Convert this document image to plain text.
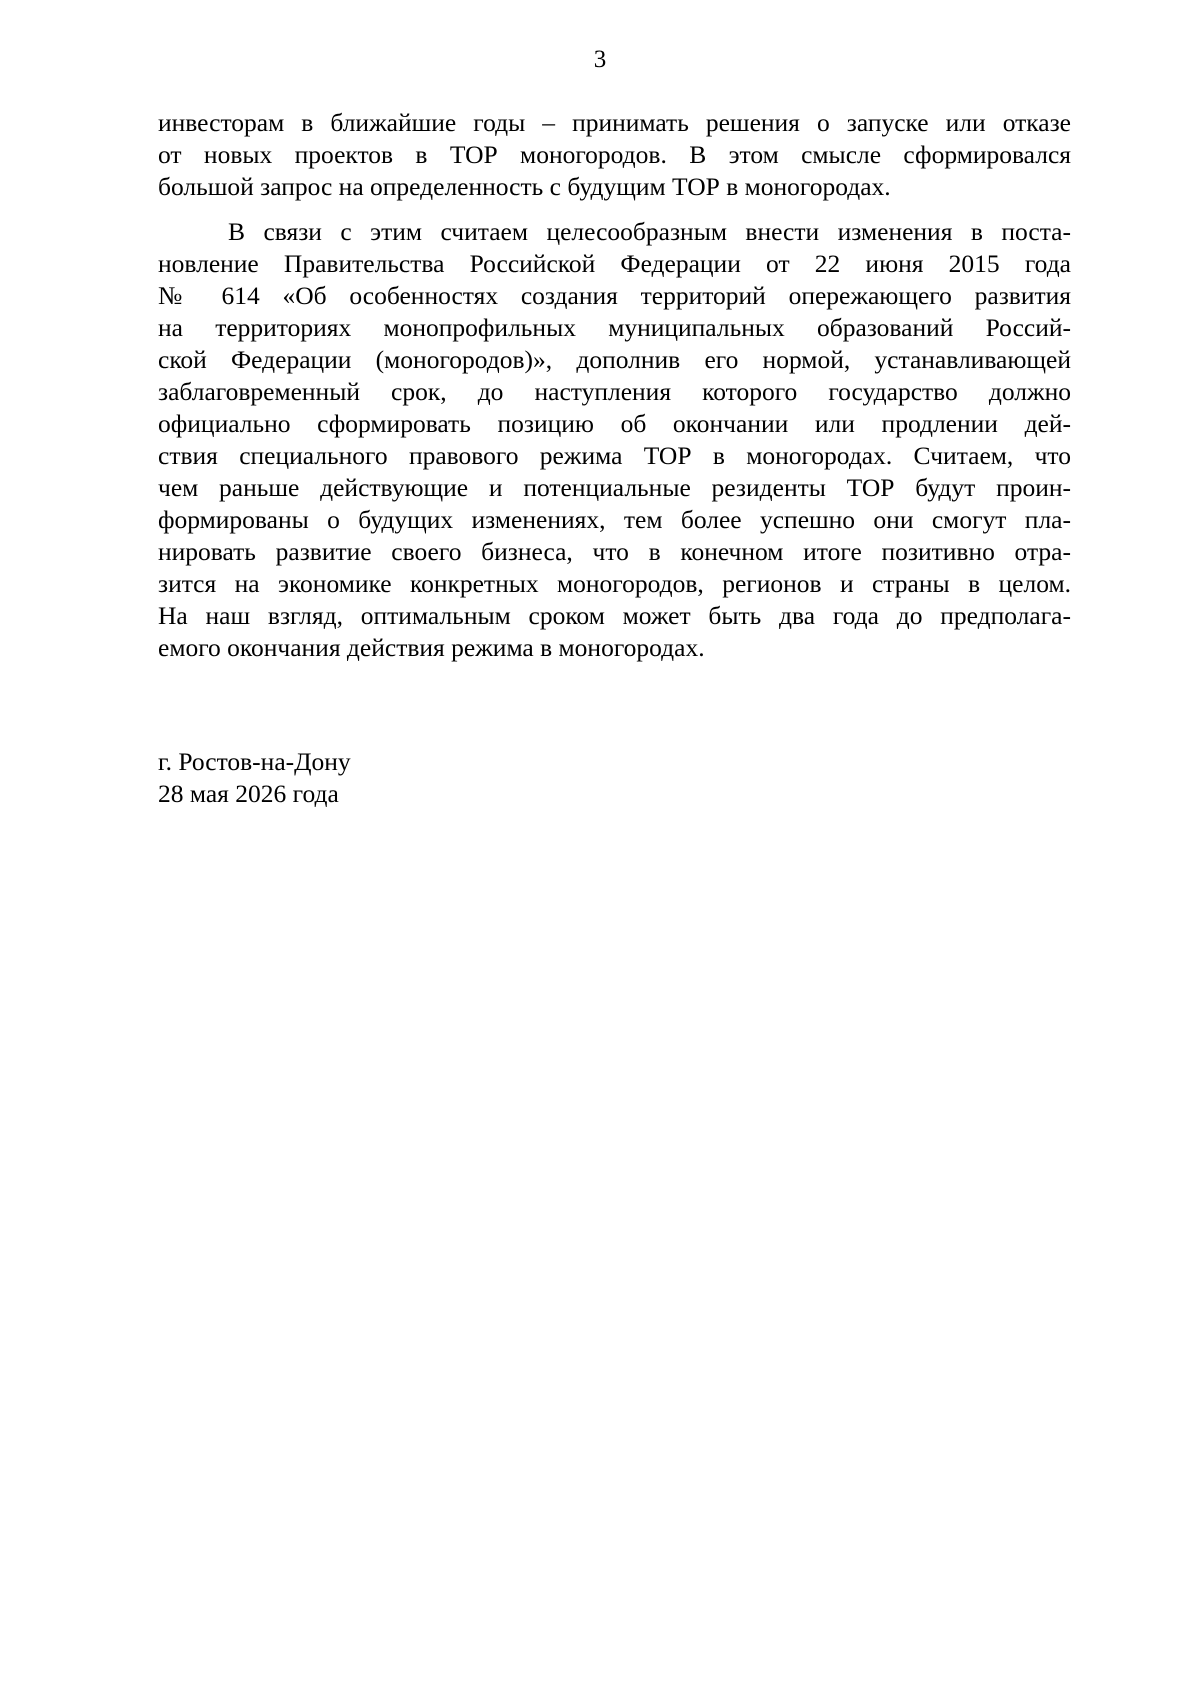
3
инвесторам в ближайшие годы – принимать решения о запуске или отказе
от новых проектов в ТОР моногородов. В этом смысле сформировался
большой запрос на определенность с будущим ТОР в моногородах.
В связи с этим считаем целесообразным внести изменения в поста-
новление Правительства Российской Федерации от 22 июня 2015 года
№ 614 «Об особенностях создания территорий опережающего развития
на территориях монопрофильных муниципальных образований Россий-
ской Федерации (моногородов)», дополнив его нормой, устанавливающей
заблаговременный срок, до наступления которого государство должно
официально сформировать позицию об окончании или продлении дей-
ствия специального правового режима ТОР в моногородах. Считаем, что
чем раньше действующие и потенциальные резиденты ТОР будут проин-
формированы о будущих изменениях, тем более успешно они смогут пла-
нировать развитие своего бизнеса, что в конечном итоге позитивно отра-
зится на экономике конкретных моногородов, регионов и страны в целом.
На наш взгляд, оптимальным сроком может быть два года до предполага-
емого окончания действия режима в моногородах.
г. Ростов-на-Дону
28 мая 2026 года
